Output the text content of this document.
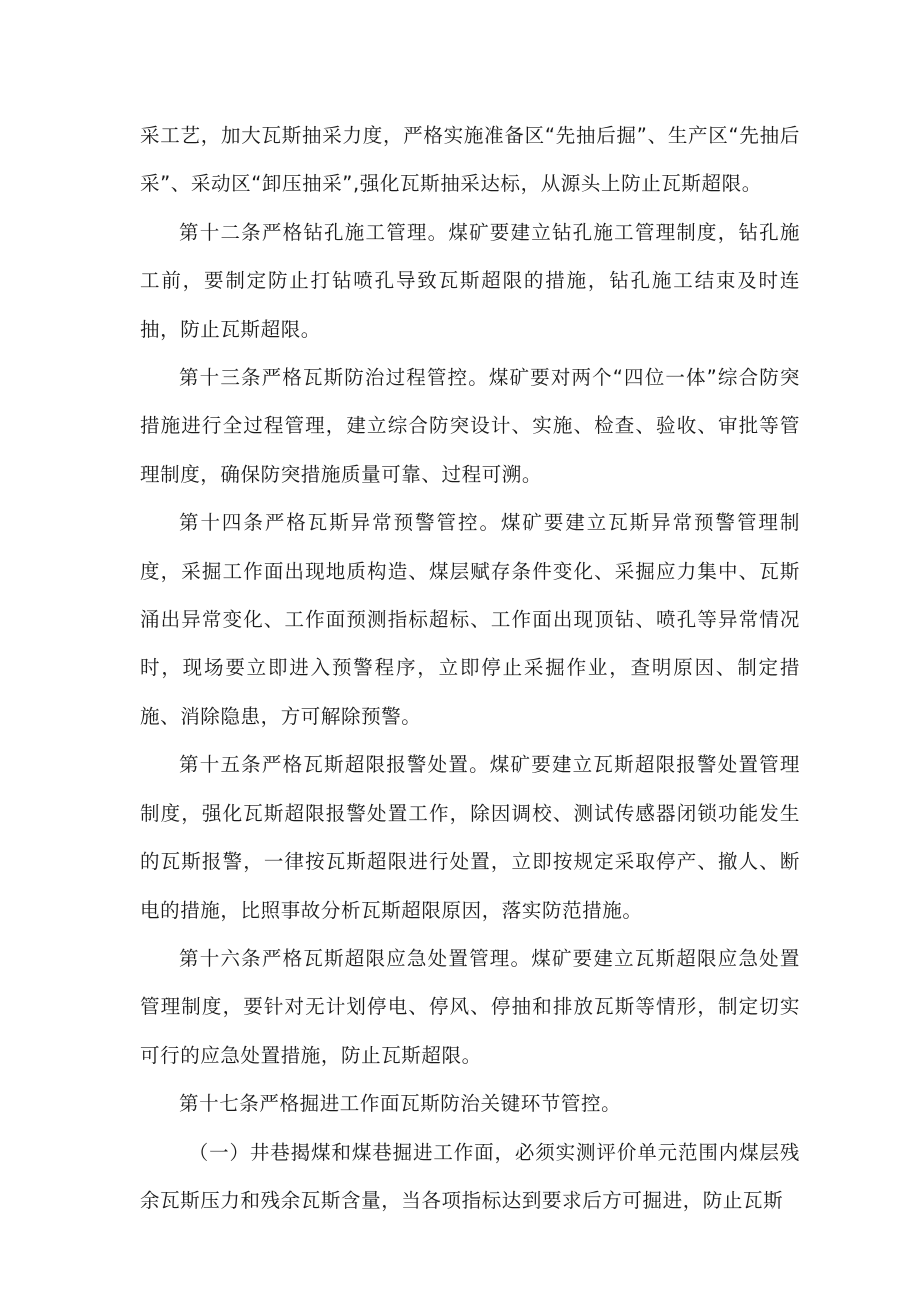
采工艺，加大瓦斯抽采力度，严格实施准备区“先抽后掘”、生产区“先抽后采”、采动区“卸压抽采”,强化瓦斯抽采达标，从源头上防止瓦斯超限。

第十二条严格钻孔施工管理。煤矿要建立钻孔施工管理制度，钻孔施工前，要制定防止打钻喷孔导致瓦斯超限的措施，钻孔施工结束及时连抽，防止瓦斯超限。

第十三条严格瓦斯防治过程管控。煤矿要对两个“四位一体”综合防突措施进行全过程管理，建立综合防突设计、实施、检查、验收、审批等管理制度，确保防突措施质量可靠、过程可溯。

第十四条严格瓦斯异常预警管控。煤矿要建立瓦斯异常预警管理制度，采掘工作面出现地质构造、煤层赋存条件变化、采掘应力集中、瓦斯涌出异常变化、工作面预测指标超标、工作面出现顶钻、喷孔等异常情况时，现场要立即进入预警程序，立即停止采掘作业，查明原因、制定措施、消除隐患，方可解除预警。

第十五条严格瓦斯超限报警处置。煤矿要建立瓦斯超限报警处置管理制度，强化瓦斯超限报警处置工作，除因调校、测试传感器闭锁功能发生的瓦斯报警，一律按瓦斯超限进行处置，立即按规定采取停产、撤人、断电的措施，比照事故分析瓦斯超限原因，落实防范措施。

第十六条严格瓦斯超限应急处置管理。煤矿要建立瓦斯超限应急处置管理制度，要针对无计划停电、停风、停抽和排放瓦斯等情形，制定切实可行的应急处置措施，防止瓦斯超限。

第十七条严格掘进工作面瓦斯防治关键环节管控。

（一）井巷揭煤和煤巷掘进工作面，必须实测评价单元范围内煤层残余瓦斯压力和残余瓦斯含量，当各项指标达到要求后方可掘进，防止瓦斯
